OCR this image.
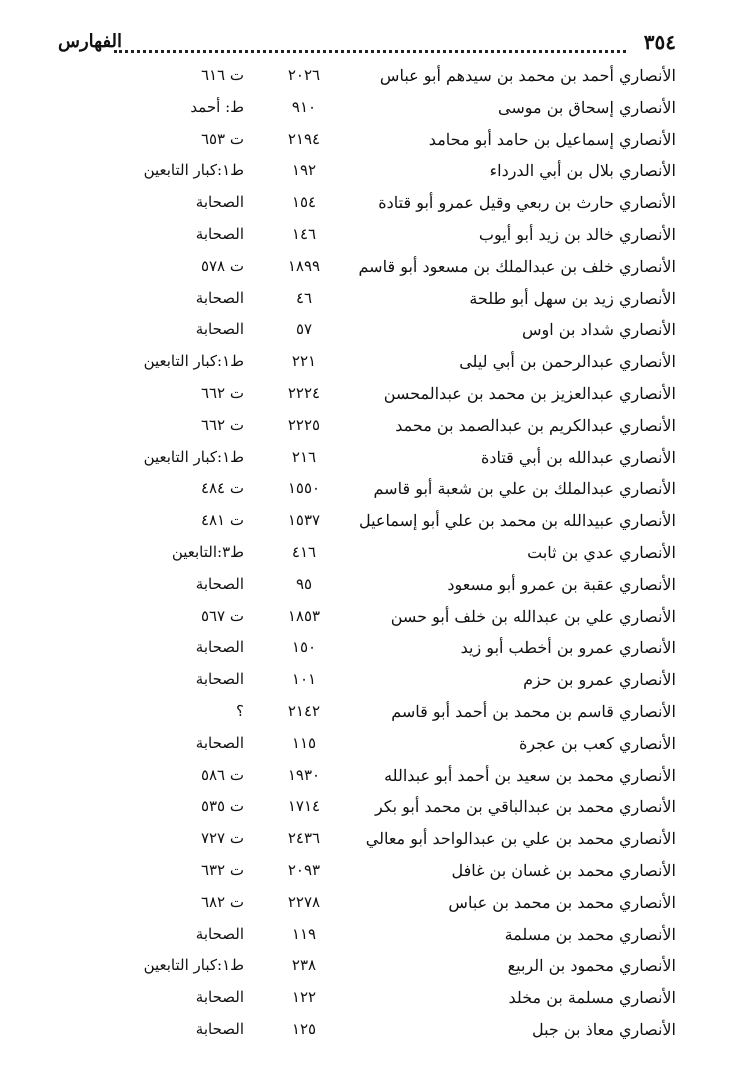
٣٥٤
الفهارس
الأنصاري أحمد بن محمد بن سيدهم أبو عباس
٢٠٢٦
ت ٦١٦
الأنصاري إسحاق بن موسى
٩١٠
ط: أحمد
الأنصاري إسماعيل بن حامد أبو محامد
٢١٩٤
ت ٦٥٣
الأنصاري بلال بن أبي الدرداء
١٩٢
ط١:كبار التابعين
الأنصاري حارث بن ربعي وقيل عمرو أبو قتادة
١٥٤
الصحابة
الأنصاري خالد بن زيد أبو أيوب
١٤٦
الصحابة
الأنصاري خلف بن عبدالملك بن مسعود أبو قاسم
١٨٩٩
ت ٥٧٨
الأنصاري زيد بن سهل أبو طلحة
٤٦
الصحابة
الأنصاري شداد بن اوس
٥٧
الصحابة
الأنصاري عبدالرحمن بن أبي ليلى
٢٢١
ط١:كبار التابعين
الأنصاري عبدالعزيز بن محمد بن عبدالمحسن
٢٢٢٤
ت ٦٦٢
الأنصاري عبدالكريم بن عبدالصمد بن محمد
٢٢٢٥
ت ٦٦٢
الأنصاري عبدالله بن أبي قتادة
٢١٦
ط١:كبار التابعين
الأنصاري عبدالملك بن علي بن شعبة أبو قاسم
١٥٥٠
ت ٤٨٤
الأنصاري عبيدالله بن محمد بن علي أبو إسماعيل
١٥٣٧
ت ٤٨١
الأنصاري عدي بن ثابت
٤١٦
ط٣:التابعين
الأنصاري عقبة بن عمرو أبو مسعود
٩٥
الصحابة
الأنصاري علي بن عبدالله بن خلف أبو حسن
١٨٥٣
ت ٥٦٧
الأنصاري عمرو بن أخطب أبو زيد
١٥٠
الصحابة
الأنصاري عمرو بن حزم
١٠١
الصحابة
الأنصاري قاسم بن محمد بن أحمد أبو قاسم
٢١٤٢
؟
الأنصاري كعب بن عجرة
١١٥
الصحابة
الأنصاري محمد بن سعيد بن أحمد أبو عبدالله
١٩٣٠
ت ٥٨٦
الأنصاري محمد بن عبدالباقي بن محمد أبو بكر
١٧١٤
ت ٥٣٥
الأنصاري محمد بن علي بن عبدالواحد أبو معالي
٢٤٣٦
ت ٧٢٧
الأنصاري محمد بن غسان بن غافل
٢٠٩٣
ت ٦٣٢
الأنصاري محمد بن محمد بن عباس
٢٢٧٨
ت ٦٨٢
الأنصاري محمد بن مسلمة
١١٩
الصحابة
الأنصاري محمود بن الربيع
٢٣٨
ط١:كبار التابعين
الأنصاري مسلمة بن مخلد
١٢٢
الصحابة
الأنصاري معاذ بن جبل
١٢٥
الصحابة
